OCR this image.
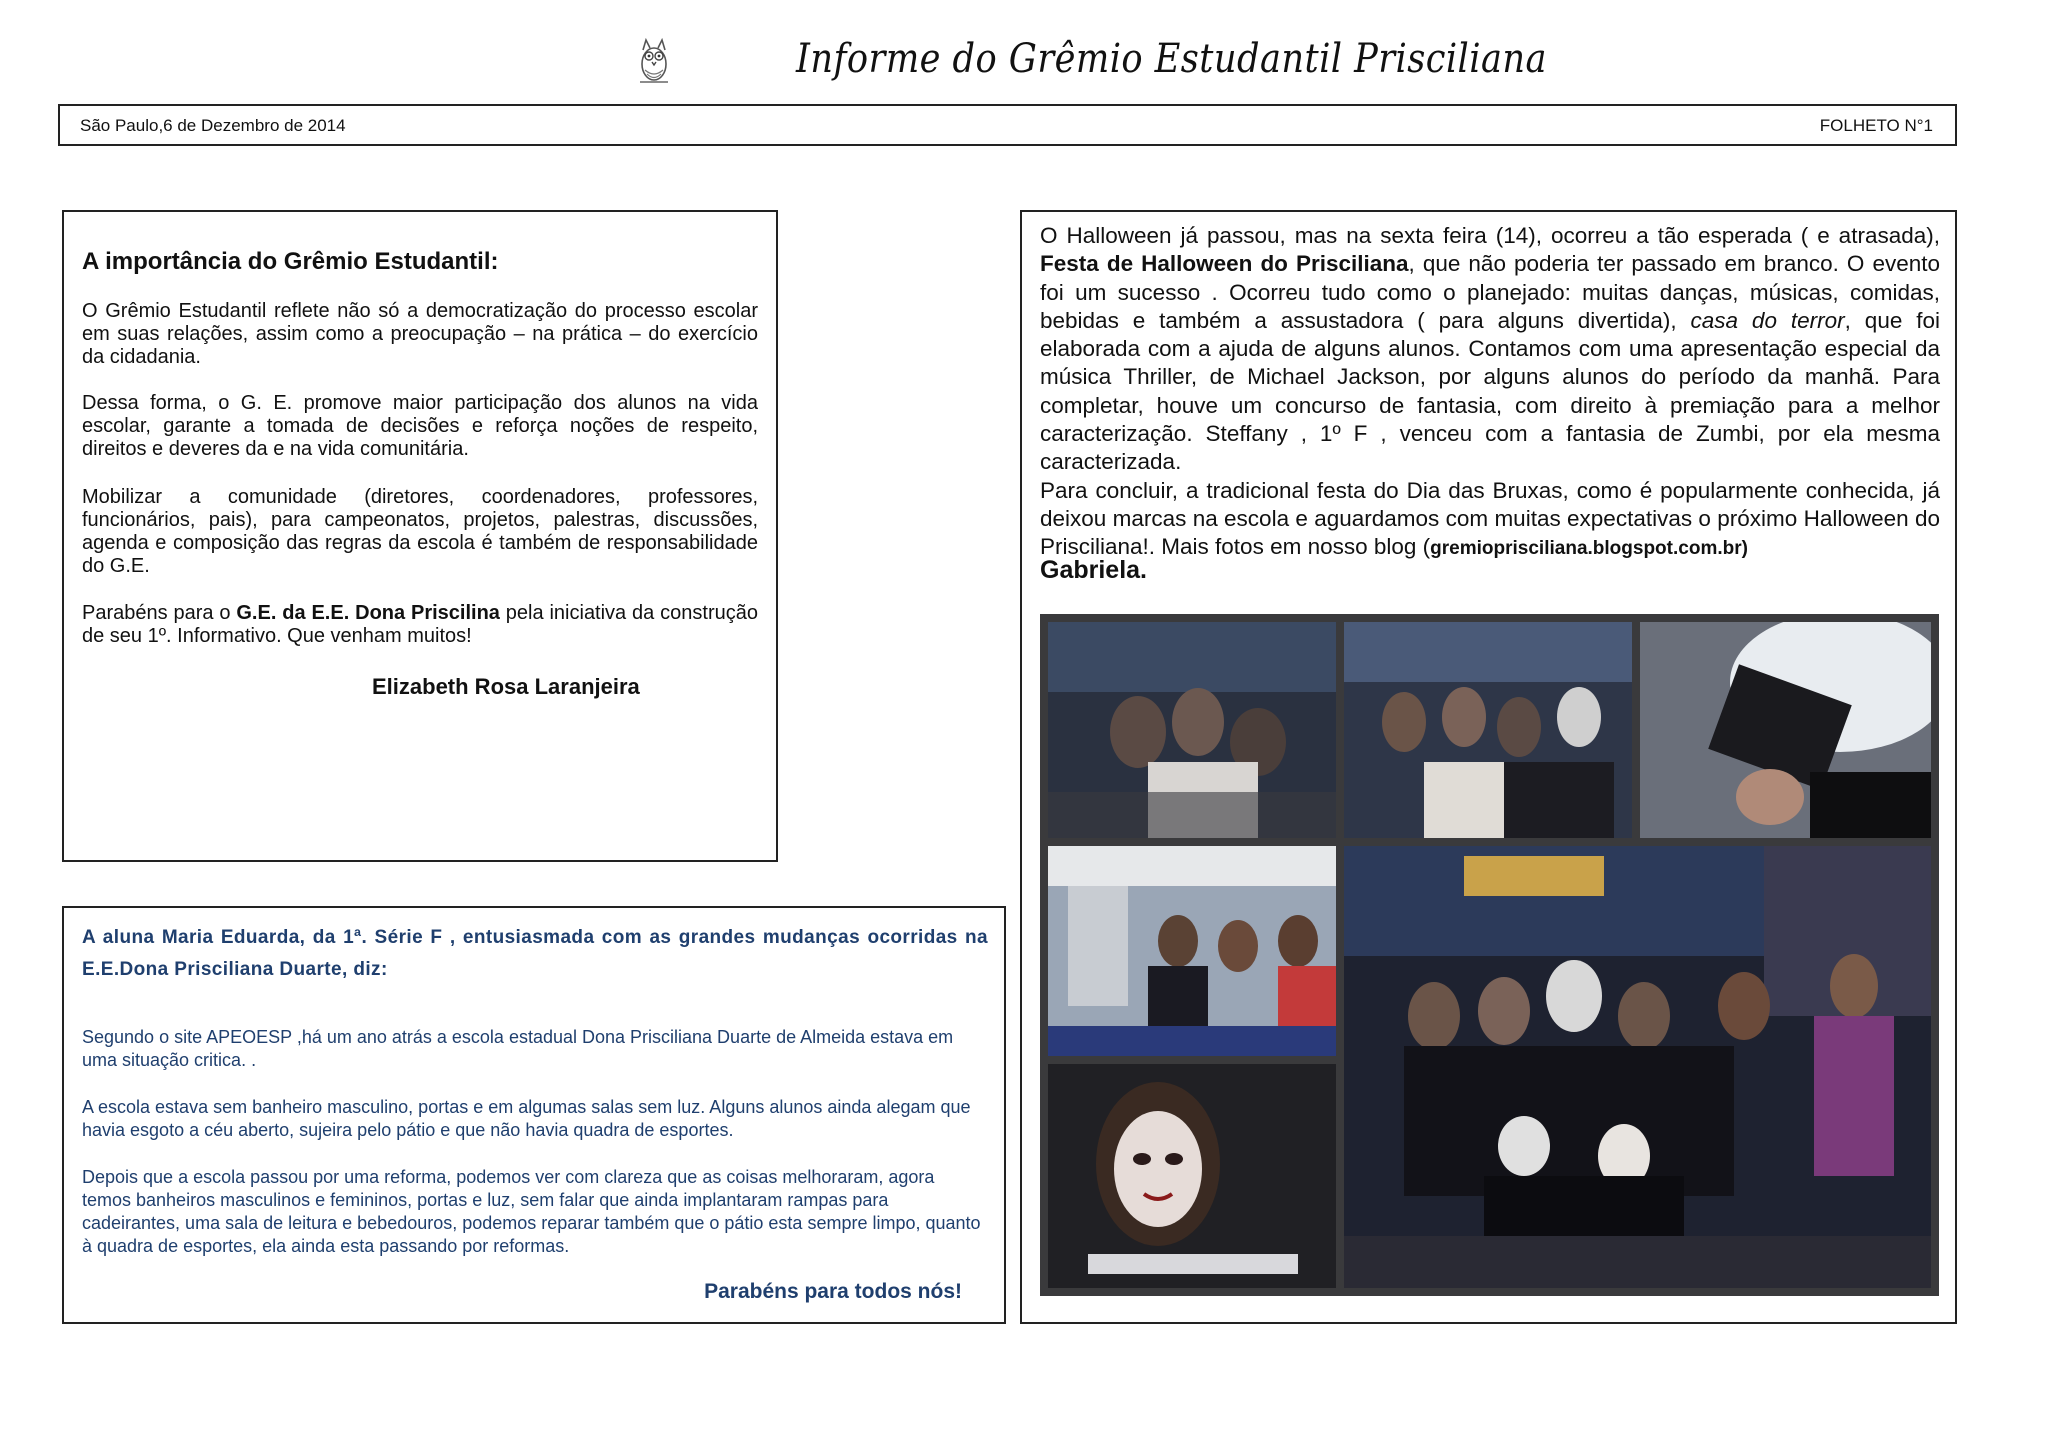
Informe do Grêmio Estudantil Prisciliana
São Paulo,6 de Dezembro de 2014	FOLHETO N°1
A importância do Grêmio Estudantil:

O Grêmio Estudantil reflete não só a democratização do processo escolar em suas relações, assim como a preocupação – na prática – do exercício da cidadania.

Dessa forma, o G. E. promove maior participação dos alunos na vida escolar, garante a tomada de decisões e reforça noções de respeito, direitos e deveres da e na vida comunitária.

Mobilizar a comunidade (diretores, coordenadores, professores, funcionários, pais), para campeonatos, projetos, palestras, discussões, agenda e composição das regras da escola é também de responsabilidade do G.E.

Parabéns para o G.E. da E.E. Dona Priscilina pela iniciativa da construção de seu 1º. Informativo. Que venham muitos!

Elizabeth Rosa Laranjeira

A aluna Maria Eduarda, da 1ª. Série F , entusiasmada com as grandes mudanças ocorridas na E.E.Dona Prisciliana Duarte, diz:

Segundo o site APEOESP ,há um ano atrás a escola estadual Dona Prisciliana Duarte de Almeida estava em uma situação critica. .

A escola estava sem banheiro masculino, portas e em algumas salas sem luz. Alguns alunos ainda alegam que havia esgoto a céu aberto, sujeira pelo pátio e que não havia quadra de esportes.

Depois que a escola passou por uma reforma, podemos ver com clareza que as coisas melhoraram, agora temos banheiros masculinos e femininos, portas e luz, sem falar que ainda implantaram rampas para cadeirantes, uma sala de leitura e bebedouros, podemos reparar também que o pátio esta sempre limpo, quanto à quadra de esportes, ela ainda esta passando por reformas.

Parabéns para todos nós!

O Halloween já passou, mas na sexta feira (14), ocorreu a tão esperada ( e atrasada), Festa de Halloween do Prisciliana, que não poderia ter passado em branco. O evento foi um sucesso . Ocorreu tudo como o planejado: muitas danças, músicas, comidas, bebidas e também a assustadora ( para alguns divertida), casa do terror, que foi elaborada com a ajuda de alguns alunos. Contamos com uma apresentação especial da música Thriller, de Michael Jackson, por alguns alunos do período da manhã. Para completar, houve um concurso de fantasia, com direito à premiação para a melhor caracterização. Steffany , 1º F , venceu com a fantasia de Zumbi, por ela mesma caracterizada.
Para concluir, a tradicional festa do Dia das Bruxas, como é popularmente conhecida, já deixou marcas na escola e aguardamos com muitas expectativas o próximo Halloween do Prisciliana!. Mais fotos em nosso blog (gremioprisciliana.blogspot.com.br)

Gabriela.
